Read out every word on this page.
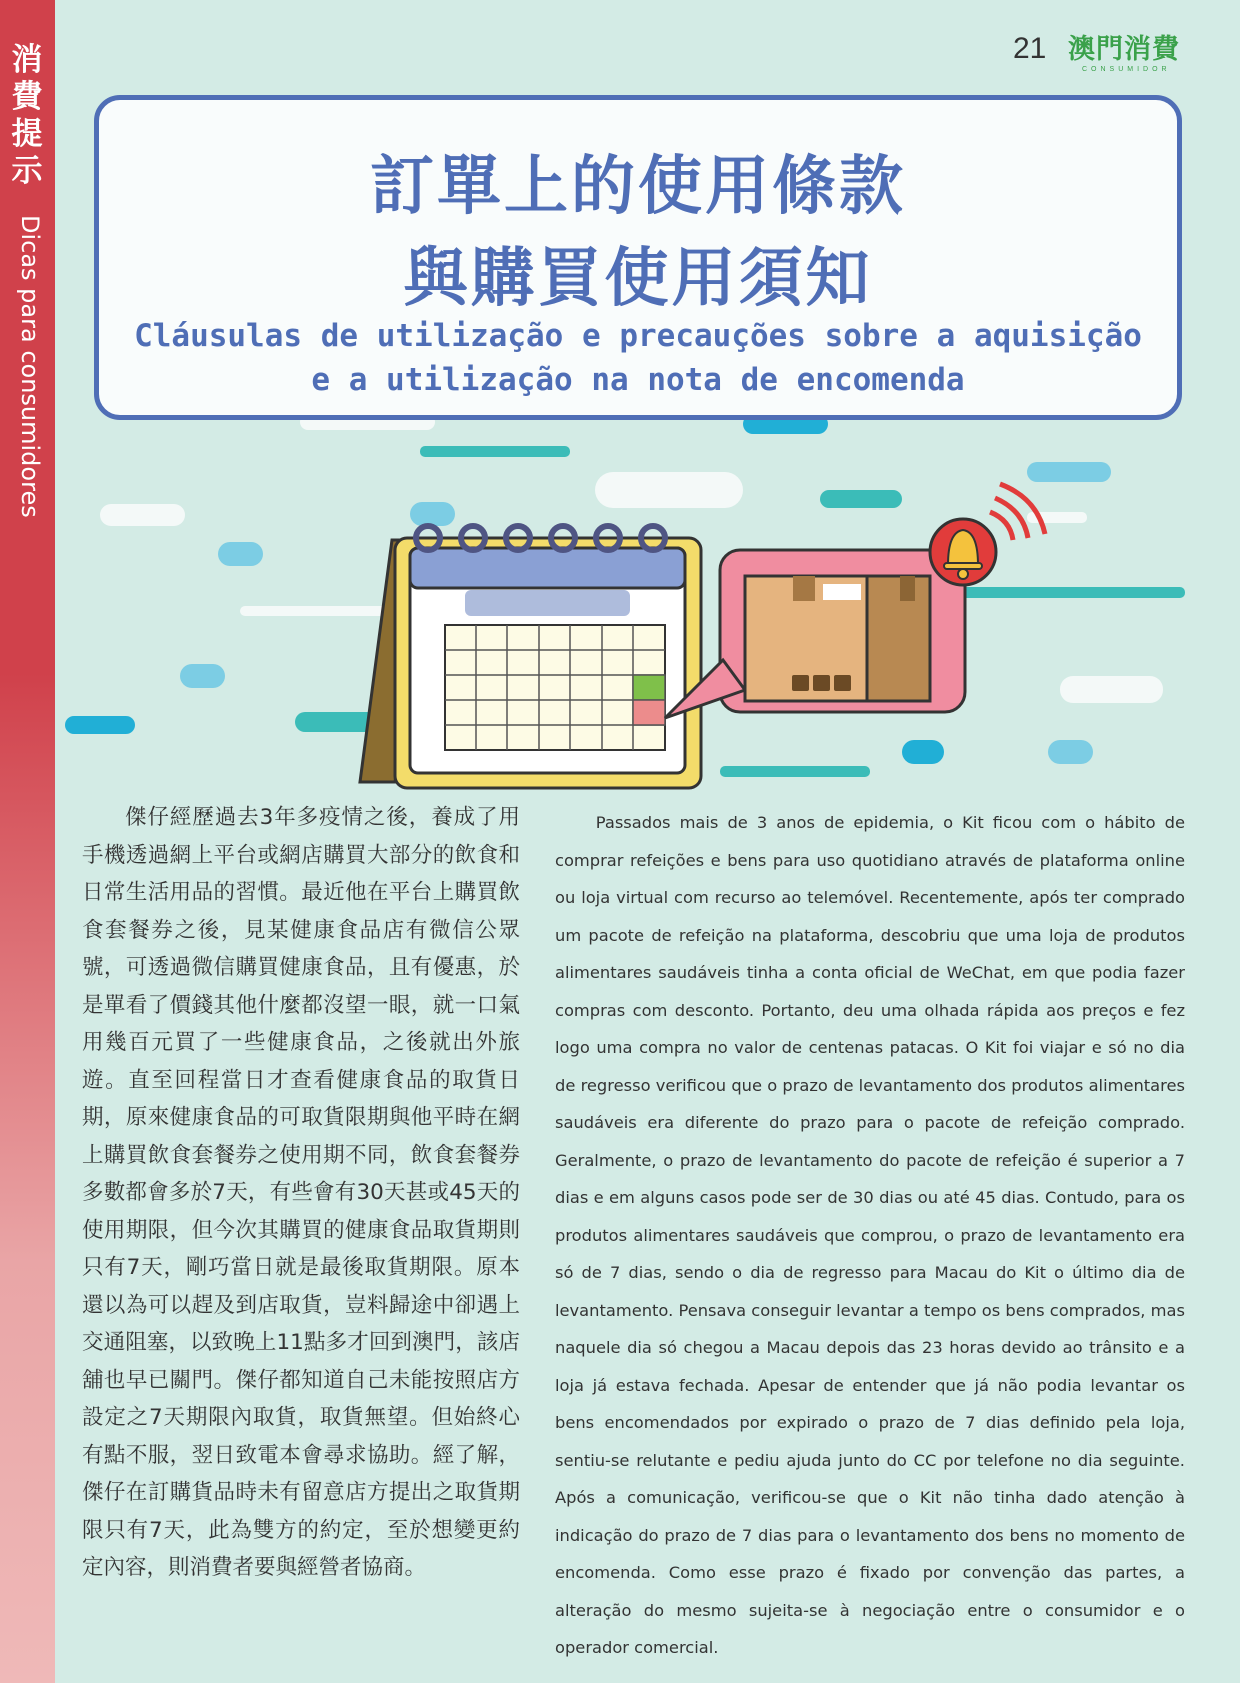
消
費
提
示
Dicas para consumidores
21 澳門消費
CONSUMIDOR
訂單上的使用條款
與購買使用須知
Cláusulas de utilização e precauções sobre a aquisição
e a utilização na nota de encomenda
傑仔經歷過去3年多疫情之後，養成了用手機透過網上平台或網店購買大部分的飲食和日常生活用品的習慣。最近他在平台上購買飲食套餐券之後，見某健康食品店有微信公眾號，可透過微信購買健康食品，且有優惠，於是單看了價錢其他什麼都沒望一眼，就一口氣用幾百元買了一些健康食品，之後就出外旅遊。直至回程當日才查看健康食品的取貨日期，原來健康食品的可取貨限期與他平時在網上購買飲食套餐券之使用期不同，飲食套餐券多數都會多於7天，有些會有30天甚或45天的使用期限，但今次其購買的健康食品取貨期則只有7天，剛巧當日就是最後取貨期限。原本還以為可以趕及到店取貨，豈料歸途中卻遇上交通阻塞，以致晚上11點多才回到澳門，該店舖也早已關門。傑仔都知道自己未能按照店方設定之7天期限內取貨，取貨無望。但始終心有點不服，翌日致電本會尋求協助。經了解，傑仔在訂購貨品時未有留意店方提出之取貨期限只有7天，此為雙方的約定，至於想變更約定內容，則消費者要與經營者協商。
Passados mais de 3 anos de epidemia, o Kit ficou com o hábito de comprar refeições e bens para uso quotidiano através de plataforma online ou loja virtual com recurso ao telemóvel. Recentemente, após ter comprado um pacote de refeição na plataforma, descobriu que uma loja de produtos alimentares saudáveis tinha a conta oficial de WeChat, em que podia fazer compras com desconto. Portanto, deu uma olhada rápida aos preços e fez logo uma compra no valor de centenas patacas. O Kit foi viajar e só no dia de regresso verificou que o prazo de levantamento dos produtos alimentares saudáveis era diferente do prazo para o pacote de refeição comprado. Geralmente, o prazo de levantamento do pacote de refeição é superior a 7 dias e em alguns casos pode ser de 30 dias ou até 45 dias. Contudo, para os produtos alimentares saudáveis que comprou, o prazo de levantamento era só de 7 dias, sendo o dia de regresso para Macau do Kit o último dia de levantamento. Pensava conseguir levantar a tempo os bens comprados, mas naquele dia só chegou a Macau depois das 23 horas devido ao trânsito e a loja já estava fechada. Apesar de entender que já não podia levantar os bens encomendados por expirado o prazo de 7 dias definido pela loja, sentiu-se relutante e pediu ajuda junto do CC por telefone no dia seguinte. Após a comunicação, verificou-se que o Kit não tinha dado atenção à indicação do prazo de 7 dias para o levantamento dos bens no momento de encomenda. Como esse prazo é fixado por convenção das partes, a alteração do mesmo sujeita-se à negociação entre o consumidor e o operador comercial.
